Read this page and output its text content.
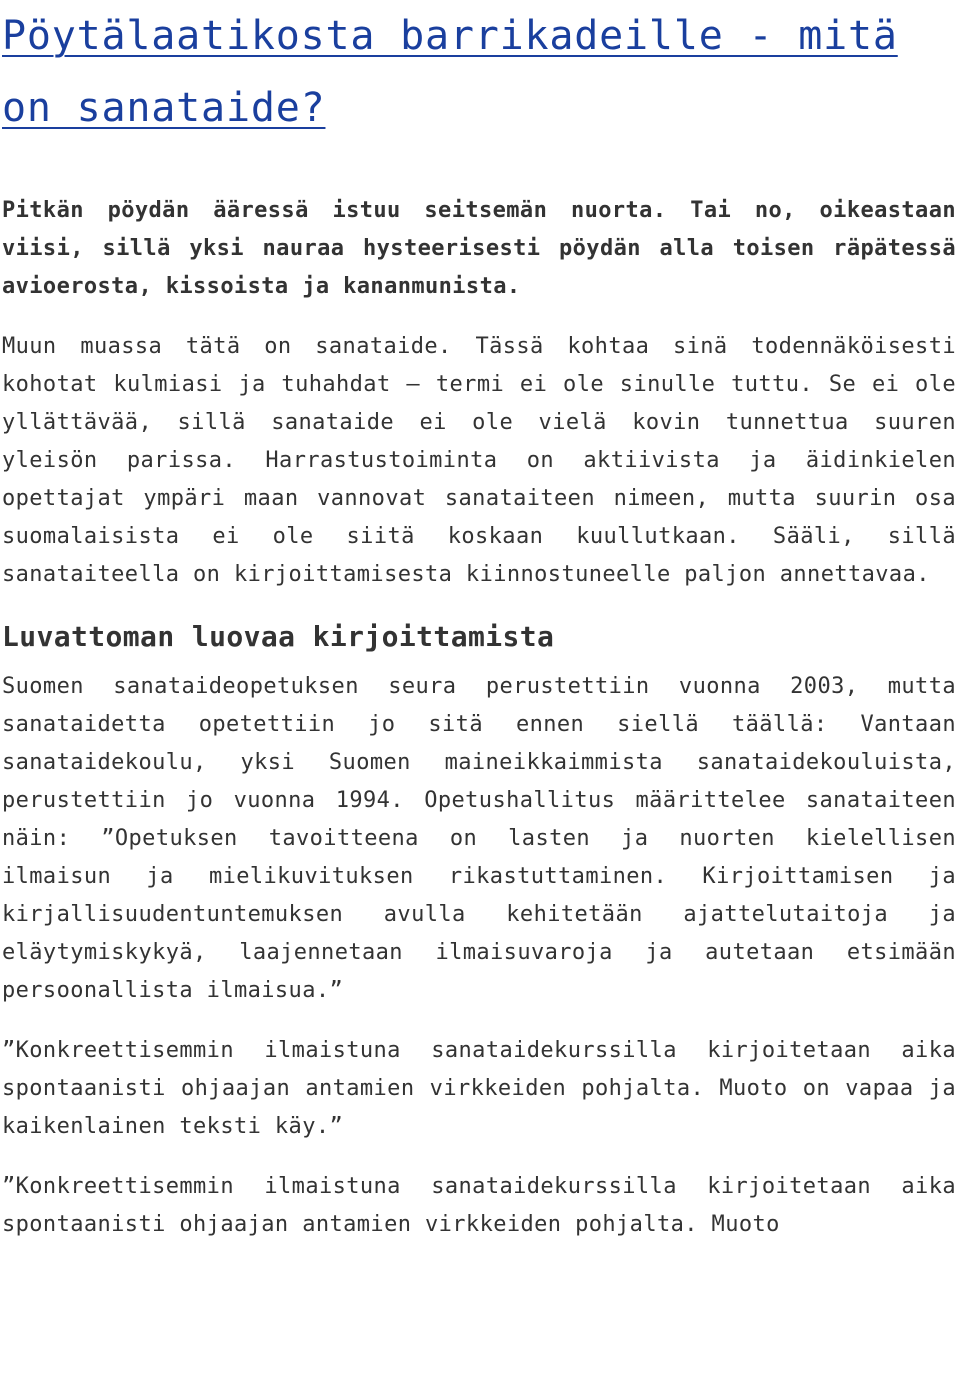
Pöytälaatikosta barrikadeille - mitä on sanataide?

Pitkän pöydän ääressä istuu seitsemän nuorta. Tai no, oikeastaan viisi, sillä yksi nauraa hysteerisesti pöydän alla toisen räpätessä avioerosta, kissoista ja kananmunista.

Muun muassa tätä on sanataide. Tässä kohtaa sinä todennäköisesti kohotat kulmiasi ja tuhahdat – termi ei ole sinulle tuttu. Se ei ole yllättävää, sillä sanataide ei ole vielä kovin tunnettua suuren yleisön parissa. Harrastustoiminta on aktiivista ja äidinkielen opettajat ympäri maan vannovat sanataiteen nimeen, mutta suurin osa suomalaisista ei ole siitä koskaan kuullutkaan. Sääli, sillä sanataiteella on kirjoittamisesta kiinnostuneelle paljon annettavaa.

Luvattoman luovaa kirjoittamista

Suomen sanataideopetuksen seura perustettiin vuonna 2003, mutta sanataidetta opetettiin jo sitä ennen siellä täällä: Vantaan sanataidekoulu, yksi Suomen maineikkaimmista sanataidekouluista, perustettiin jo vuonna 1994. Opetushallitus määrittelee sanataiteen näin: ”Opetuksen tavoitteena on lasten ja nuorten kielellisen ilmaisun ja mielikuvituksen rikastuttaminen. Kirjoittamisen ja kirjallisuudentuntemuksen avulla kehitetään ajattelutaitoja ja eläytymiskykyä, laajennetaan ilmaisuvaroja ja autetaan etsimään persoonallista ilmaisua.”

”Konkreettisemmin ilmaistuna sanataidekurssilla kirjoitetaan aika spontaanisti ohjaajan antamien virkkeiden pohjalta. Muoto on vapaa ja kaikenlainen teksti käy.”

”Konkreettisemmin ilmaistuna sanataidekurssilla kirjoitetaan aika spontaanisti ohjaajan antamien virkkeiden pohjalta. Muoto
